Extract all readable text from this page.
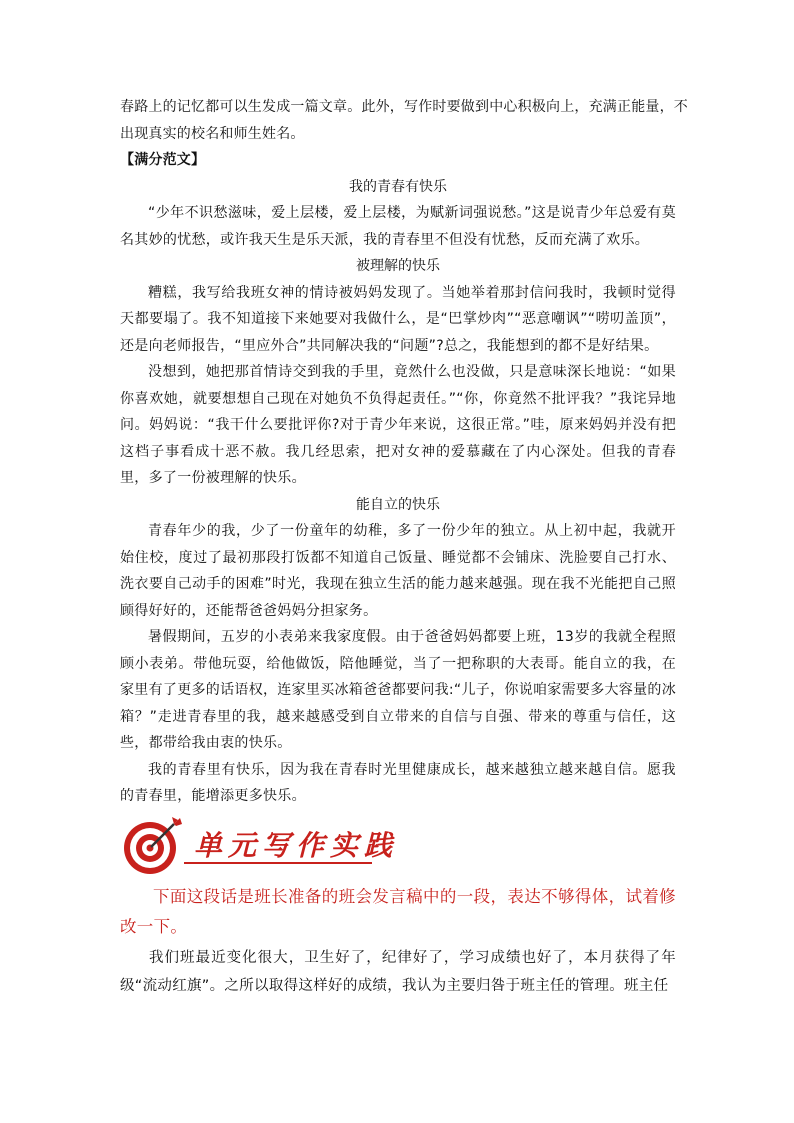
春路上的记忆都可以生发成一篇文章。此外，写作时要做到中心积极向上，充满正能量，不

出现真实的校名和师生姓名。

【满分范文】

我的青春有快乐

“少年不识愁滋味，爱上层楼，爱上层楼，为赋新词强说愁。”这是说青少年总爱有莫名其妙的忧愁，或许我天生是乐天派，我的青春里不但没有忧愁，反而充满了欢乐。

被理解的快乐

糟糕，我写给我班女神的情诗被妈妈发现了。当她举着那封信问我时，我顿时觉得天都要塌了。我不知道接下来她要对我做什么，是“巴掌炒肉”“恶意嘲讽”“唠叨盖顶”，还是向老师报告，“里应外合”共同解决我的“问题”?总之，我能想到的都不是好结果。

没想到，她把那首情诗交到我的手里，竟然什么也没做，只是意味深长地说：“如果你喜欢她，就要想想自己现在对她负不负得起责任。”“你，你竟然不批评我？”我诧异地问。妈妈说：“我干什么要批评你?对于青少年来说，这很正常。”哇，原来妈妈并没有把这档子事看成十恶不赦。我几经思索，把对女神的爱慕藏在了内心深处。但我的青春里，多了一份被理解的快乐。

能自立的快乐

青春年少的我，少了一份童年的幼稚，多了一份少年的独立。从上初中起，我就开始住校，度过了最初那段打饭都不知道自己饭量、睡觉都不会铺床、洗脸要自己打水、洗衣要自己动手的困难”时光，我现在独立生活的能力越来越强。现在我不光能把自己照顾得好好的，还能帮爸爸妈妈分担家务。

暑假期间，五岁的小表弟来我家度假。由于爸爸妈妈都要上班，13岁的我就全程照顾小表弟。带他玩耍，给他做饭，陪他睡觉，当了一把称职的大表哥。能自立的我，在家里有了更多的话语权，连家里买冰箱爸爸都要问我:“儿子，你说咱家需要多大容量的冰箱？”走进青春里的我，越来越感受到自立带来的自信与自强、带来的尊重与信任，这些，都带给我由衷的快乐。

我的青春里有快乐，因为我在青春时光里健康成长，越来越独立越来越自信。愿我的青春里，能增添更多快乐。

单元写作实践

下面这段话是班长准备的班会发言稿中的一段，表达不够得体，试着修改一下。

我们班最近变化很大，卫生好了，纪律好了，学习成绩也好了，本月获得了年级“流动红旗”。之所以取得这样好的成绩，我认为主要归咎于班主任的管理。班主任
